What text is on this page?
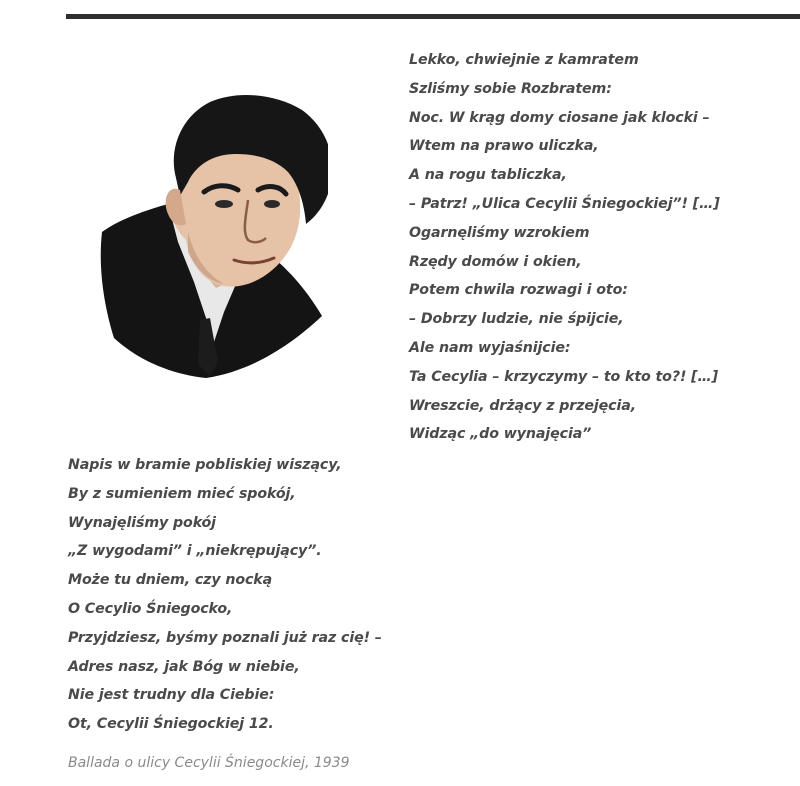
Lekko, chwiejnie z kamratem
Szliśmy sobie Rozbratem:
Noc. W krąg domy ciosane jak klocki –
Wtem na prawo uliczka,
A na rogu tabliczka,
– Patrz! „Ulica Cecylii Śniegockiej”! […]
Ogarnęliśmy wzrokiem
Rzędy domów i okien,
Potem chwila rozwagi i oto:
– Dobrzy ludzie, nie śpijcie,
Ale nam wyjaśnijcie:
Ta Cecylia – krzyczymy – to kto to?! […]
Wreszcie, drżący z przejęcia,
Widząc „do wynajęcia”
Napis w bramie pobliskiej wiszący,
By z sumieniem mieć spokój,
Wynajęliśmy pokój
„Z wygodami” i „niekrępujący”.
Może tu dniem, czy nocką
O Cecylio Śniegocko,
Przyjdziesz, byśmy poznali już raz cię! –
Adres nasz, jak Bóg w niebie,
Nie jest trudny dla Ciebie:
Ot, Cecylii Śniegockiej 12.
Ballada o ulicy Cecylii Śniegockiej, 1939
